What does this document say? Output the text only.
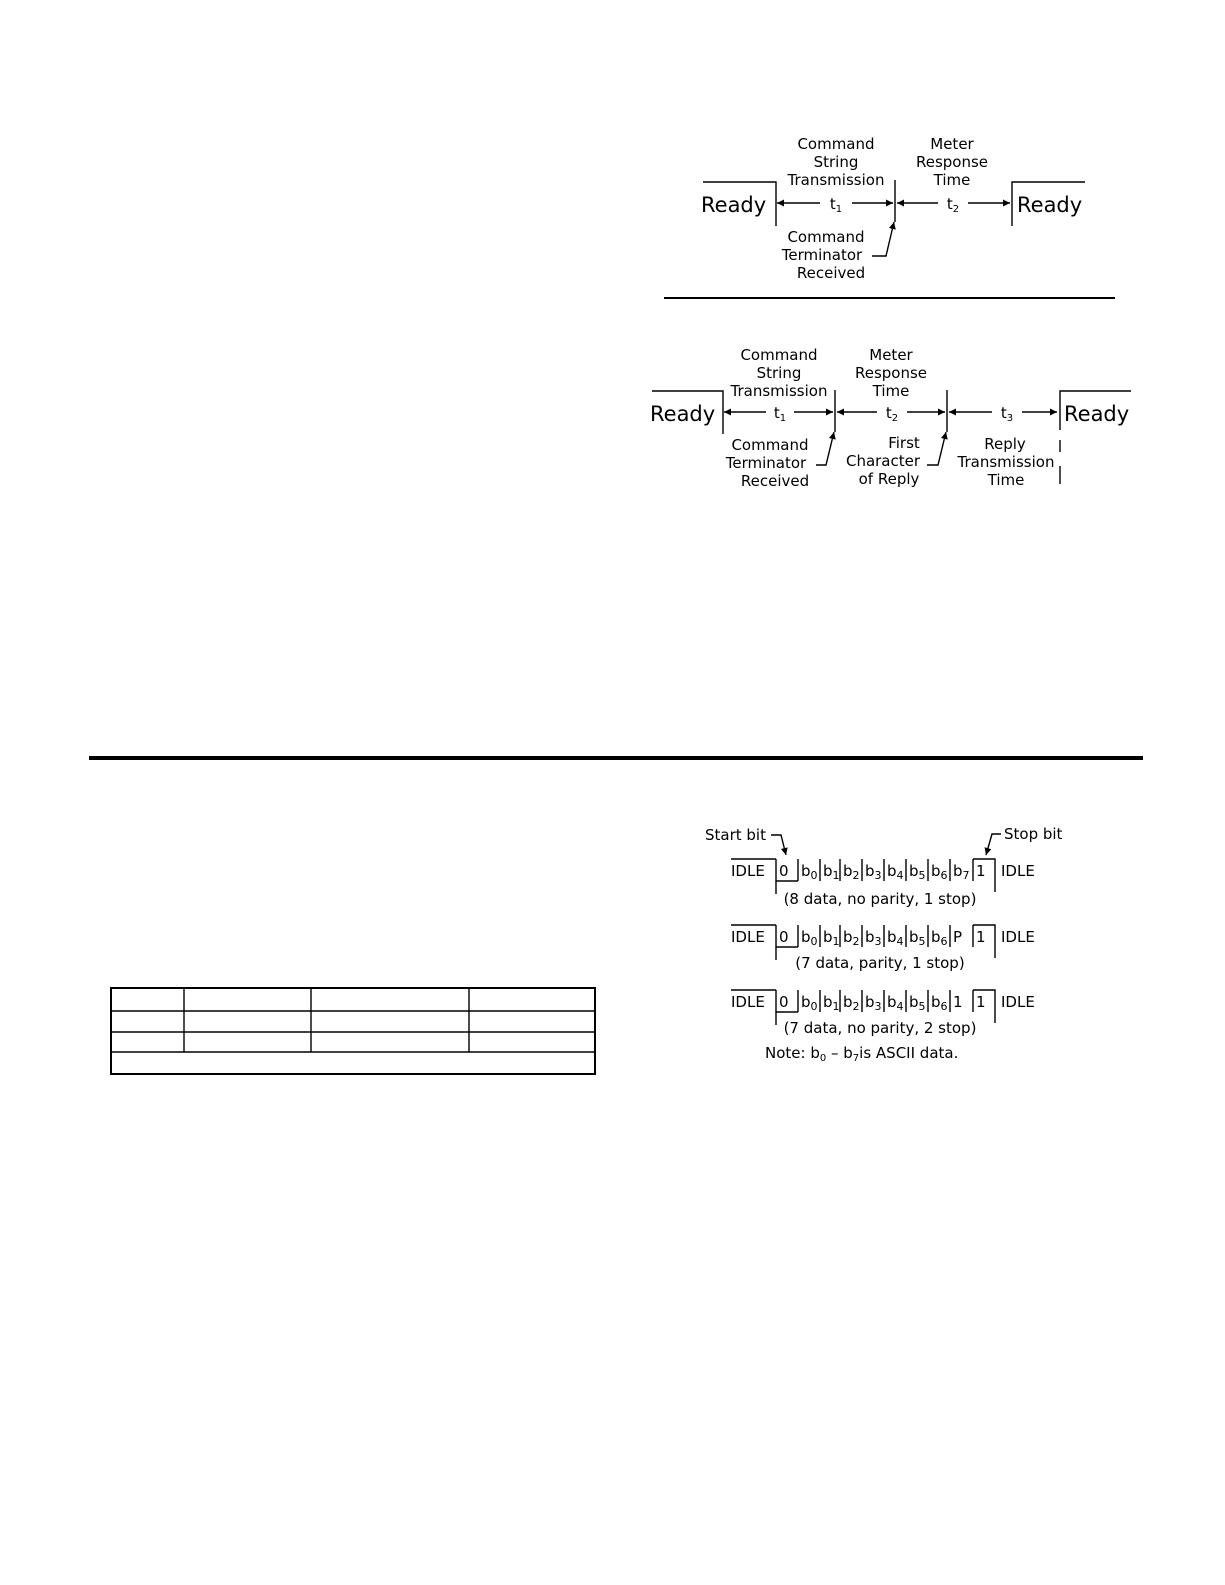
Command
String
Transmission
Meter
Response
Time
Ready	$t_1$	$t_2$	Ready
Command
Terminator
Received
Command
String
Transmission
Meter
Response
Time
Ready	$t_1$	$t_2$	$t_3$ Ready
Command
Terminator
Received
First
Character
of Reply
Reply
Transmission
Time
Start bit	Stop bit
Note: $b_0 - b_7is$ ASCII data.
IDLE	IDLE
0 $b_0$ $b_1$ $b_2$ $b_3$ $b_4$ $b_5$ $b_6$ $b_7$ 1
(8 data, no parity, 1 stop)
IDLE	IDLE
0 $b_0$ $b_1$ $b_2$ $b_3$ $b_4$ $b_5$ $b_6$ P 1
(7 data, parity, 1 stop)
IDLE	IDLE
0 $b_0$ $b_1$ $b_2$ $b_3$ $b_4$ $b_5$ $b_6$ 1 1
(7 data, no parity, 2 stop)
